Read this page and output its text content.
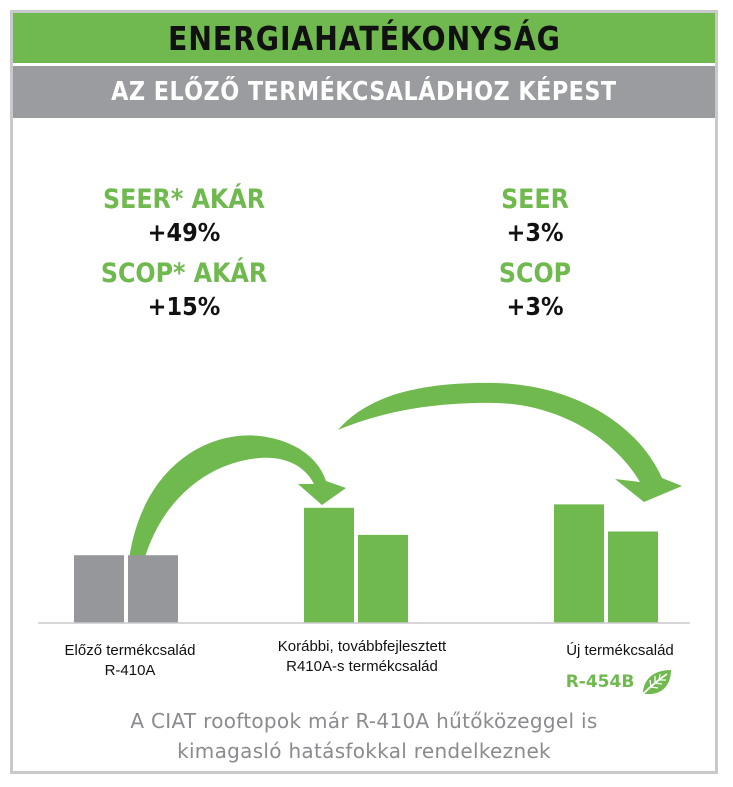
ENERGIAHATÉKONYSÁG
AZ ELŐZŐ TERMÉKCSALÁDHOZ KÉPEST
SEER* AKÁR
+49%
SCOP* AKÁR
+15%
SEER
+3%
SCOP
+3%
Előző termékcsalád
R-410A
Korábbi, továbbfejlesztett
R410A-s termékcsalád
Új termékcsalád
R-454B
A CIAT rooftopok már R-410A hűtőközeggel is
kimagasló hatásfokkal rendelkeznek
